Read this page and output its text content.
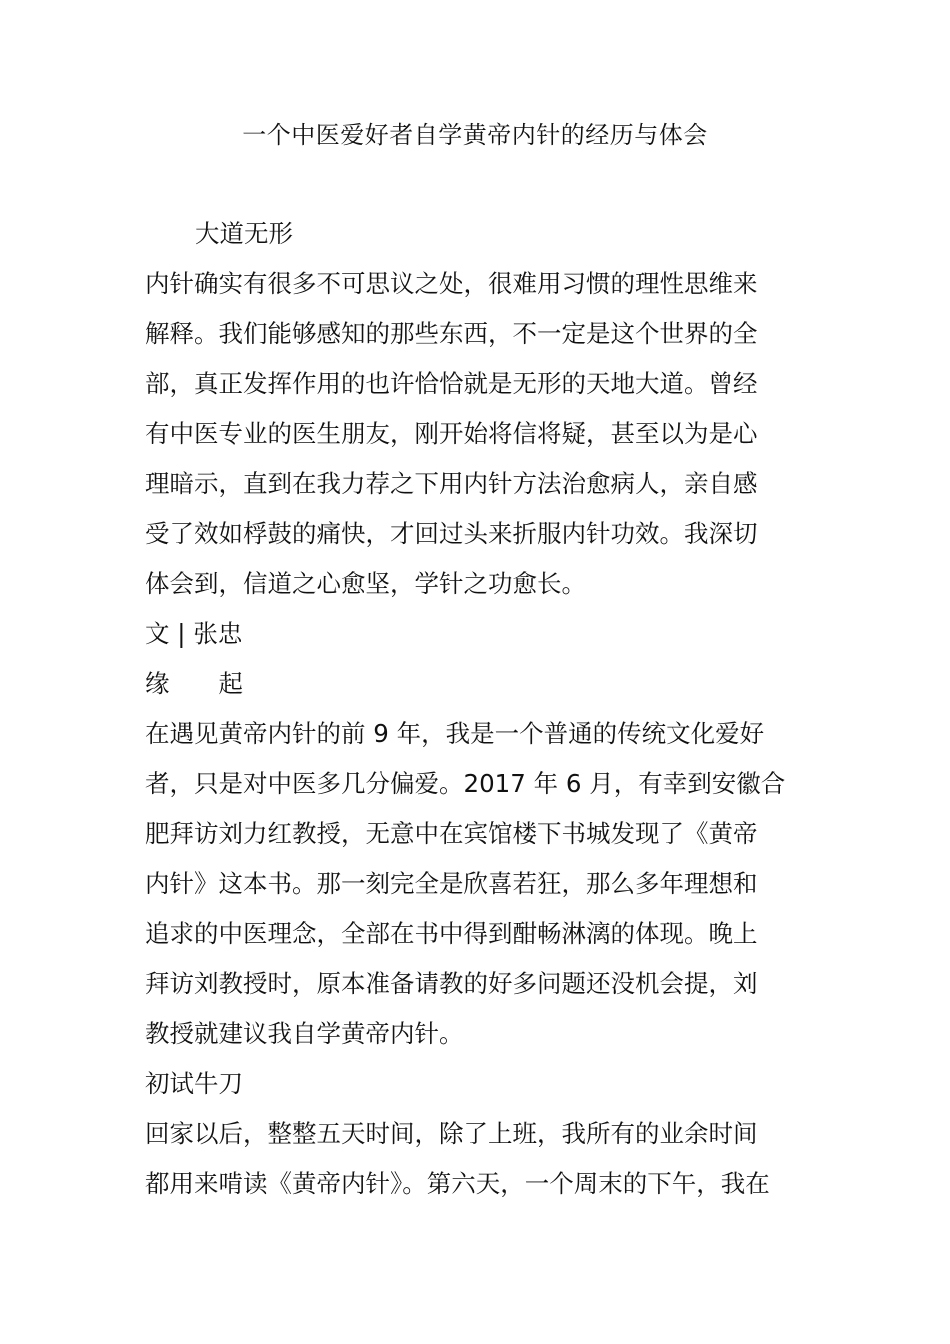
一个中医爱好者自学黄帝内针的经历与体会
大道无形
内针确实有很多不可思议之处，很难用习惯的理性思维来
解释。我们能够感知的那些东西，不一定是这个世界的全
部，真正发挥作用的也许恰恰就是无形的天地大道。曾经
有中医专业的医生朋友，刚开始将信将疑，甚至以为是心
理暗示，直到在我力荐之下用内针方法治愈病人，亲自感
受了效如桴鼓的痛快，才回过头来折服内针功效。我深切
体会到，信道之心愈坚，学针之功愈长。
文 | 张忠
缘　　起
在遇见黄帝内针的前 9 年，我是一个普通的传统文化爱好
者，只是对中医多几分偏爱。2017 年 6 月，有幸到安徽合
肥拜访刘力红教授，无意中在宾馆楼下书城发现了《黄帝
内针》这本书。那一刻完全是欣喜若狂，那么多年理想和
追求的中医理念，全部在书中得到酣畅淋漓的体现。晚上
拜访刘教授时，原本准备请教的好多问题还没机会提，刘
教授就建议我自学黄帝内针。
初试牛刀
回家以后，整整五天时间，除了上班，我所有的业余时间
都用来啃读《黄帝内针》。第六天，一个周末的下午，我在
